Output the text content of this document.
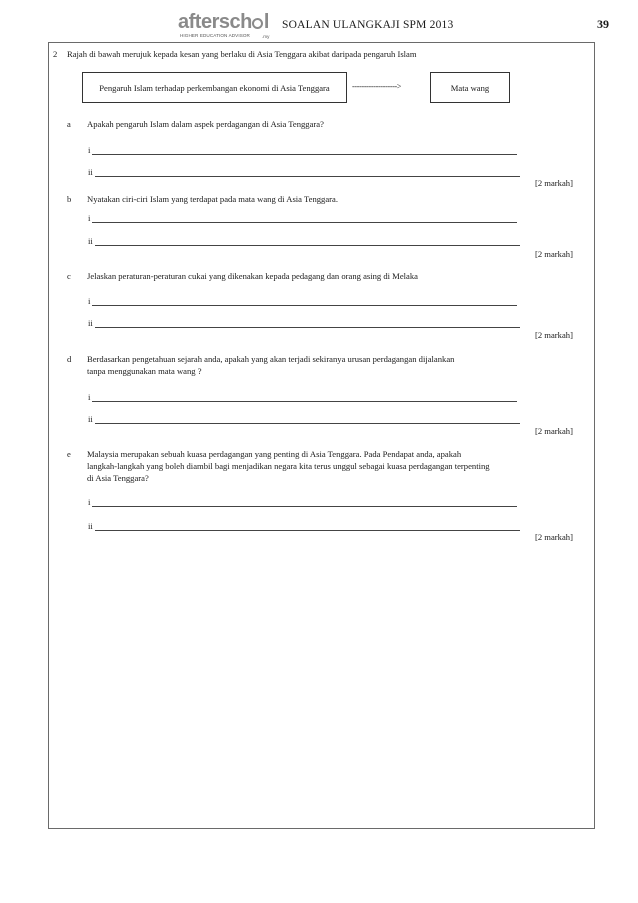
aftersch l
HIGHER EDUCATION ADVISOR	.my
SOALAN ULANGKAJI SPM 2013	39
2 Rajah di bawah merujuk kepada kesan yang berlaku di Asia Tenggara akibat daripada pengaruh Islam
Pengaruh Islam terhadap perkembangan ekonomi di Asia Tenggara	------------------->	Mata wang
a Apakah pengaruh Islam dalam aspek perdagangan di Asia Tenggara?
i
ii
[2 markah]
b Nyatakan ciri-ciri Islam yang terdapat pada mata wang di Asia Tenggara.
i
ii
[2 markah]
c Jelaskan peraturan-peraturan cukai yang dikenakan kepada pedagang dan orang asing di Melaka
i
ii
[2 markah]
d Berdasarkan pengetahuan sejarah anda, apakah yang akan terjadi sekiranya urusan perdagangan dijalankan
tanpa menggunakan mata wang ?
i
ii
[2 markah]
e Malaysia merupakan sebuah kuasa perdagangan yang penting di Asia Tenggara. Pada Pendapat anda, apakah
langkah-langkah yang boleh diambil bagi menjadikan negara kita terus unggul sebagai kuasa perdagangan terpenting
di Asia Tenggara?
i
ii
[2 markah]
